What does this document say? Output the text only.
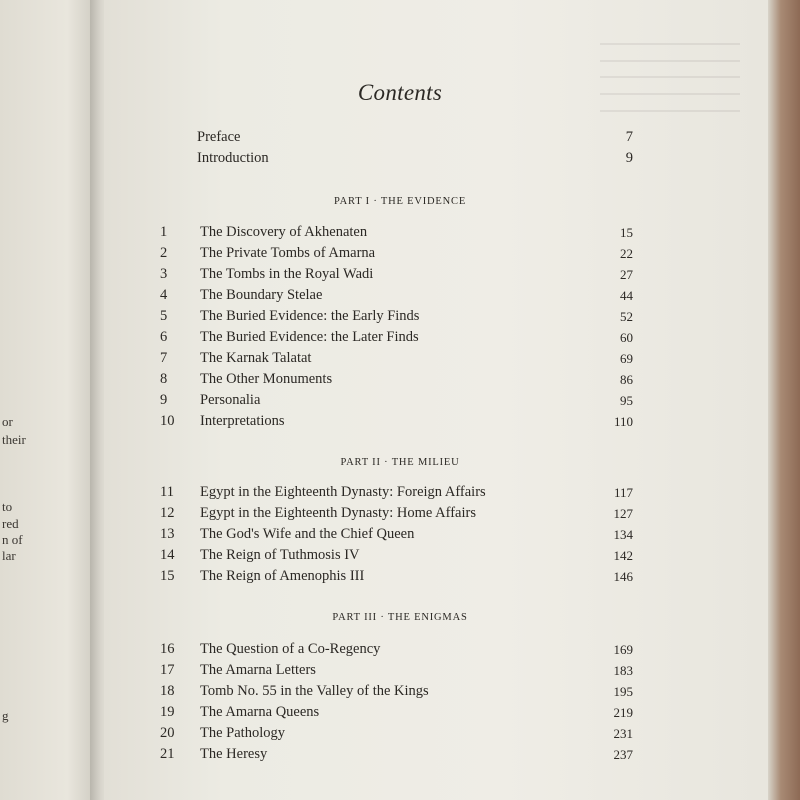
or
their
to
red
n of
lar
g
Contents
Preface	7
Introduction	9
PART I · THE EVIDENCE
1	The Discovery of Akhenaten	15
2	The Private Tombs of Amarna	22
3	The Tombs in the Royal Wadi	27
4	The Boundary Stelae	44
5	The Buried Evidence: the Early Finds	52
6	The Buried Evidence: the Later Finds	60
7	The Karnak Talatat	69
8	The Other Monuments	86
9	Personalia	95
10	Interpretations	110
PART II · THE MILIEU
11	Egypt in the Eighteenth Dynasty: Foreign Affairs	117
12	Egypt in the Eighteenth Dynasty: Home Affairs	127
13	The God's Wife and the Chief Queen	134
14	The Reign of Tuthmosis IV	142
15	The Reign of Amenophis III	146
PART III · THE ENIGMAS
16	The Question of a Co-Regency	169
17	The Amarna Letters	183
18	Tomb No. 55 in the Valley of the Kings	195
19	The Amarna Queens	219
20	The Pathology	231
21	The Heresy	237
